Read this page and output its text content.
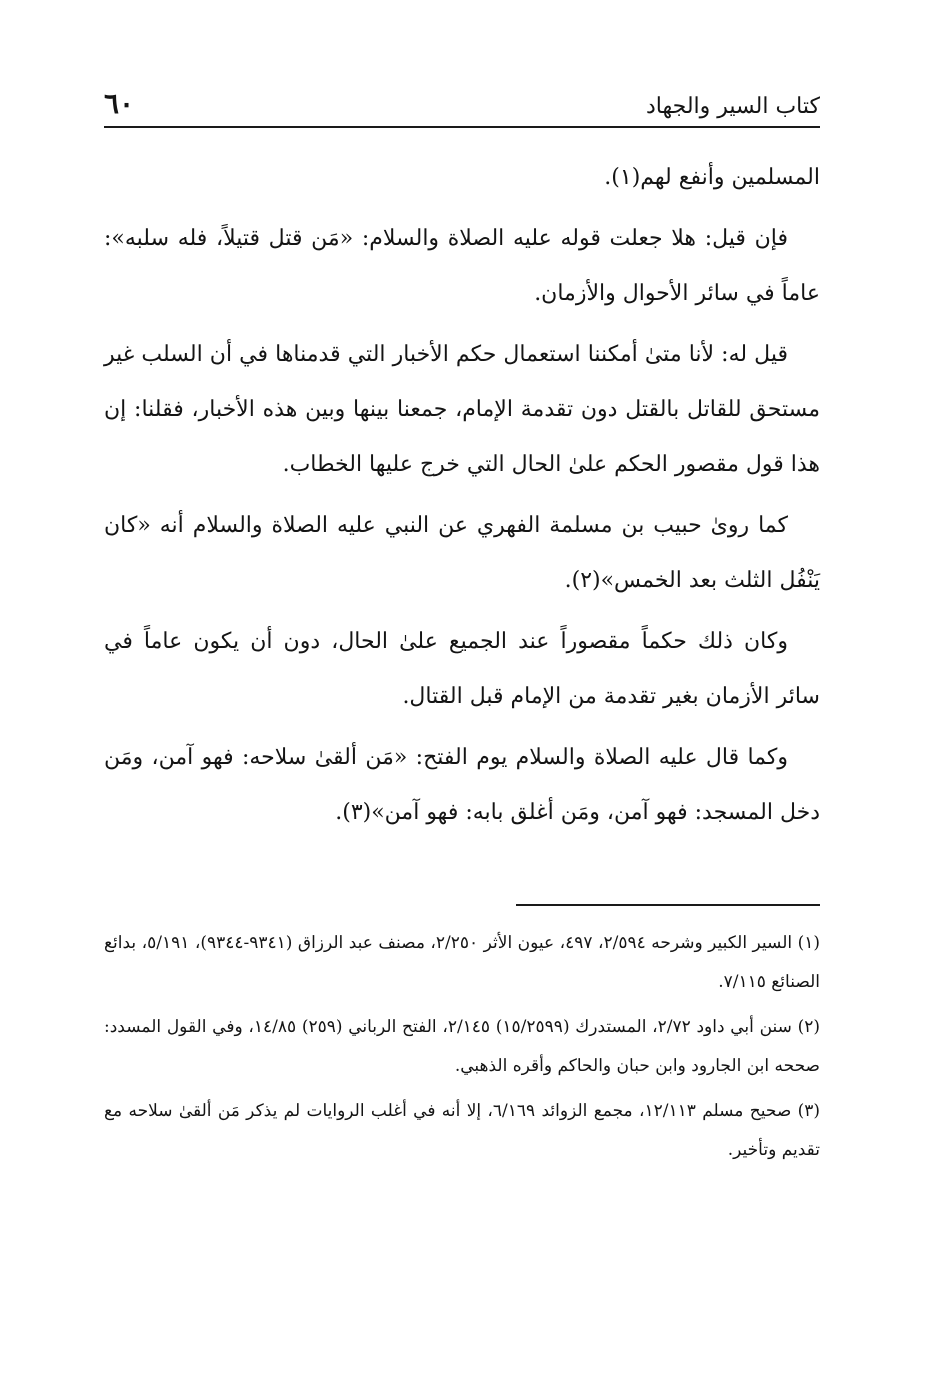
كتاب السير والجهاد
٦٠

المسلمين وأنفع لهم(١).

فإن قيل: هلا جعلت قوله عليه الصلاة والسلام: «مَن قتل قتيلاً، فله سلبه»: عاماً في سائر الأحوال والأزمان.

قيل له: لأنا متىٰ أمكننا استعمال حكم الأخبار التي قدمناها في أن السلب غير مستحق للقاتل بالقتل دون تقدمة الإمام، جمعنا بينها وبين هذه الأخبار، فقلنا: إن هذا قول مقصور الحكم علىٰ الحال التي خرج عليها الخطاب.

كما روىٰ حبيب بن مسلمة الفهري عن النبي عليه الصلاة والسلام أنه «كان يَنْفُل الثلث بعد الخمس»(٢).

وكان ذلك حكماً مقصوراً عند الجميع علىٰ الحال، دون أن يكون عاماً في سائر الأزمان بغير تقدمة من الإمام قبل القتال.

وكما قال عليه الصلاة والسلام يوم الفتح: «مَن ألقىٰ سلاحه: فهو آمن، ومَن دخل المسجد: فهو آمن، ومَن أغلق بابه: فهو آمن»(٣).

(١) السير الكبير وشرحه ٢/٥٩٤، ٤٩٧، عيون الأثر ٢/٢٥٠، مصنف عبد الرزاق (٩٣٤١-٩٣٤٤)، ٥/١٩١، بدائع الصنائع ٧/١١٥.

(٢) سنن أبي داود ٢/٧٢، المستدرك (١٥/٢٥٩٩) ٢/١٤٥، الفتح الرباني (٢٥٩) ١٤/٨٥، وفي القول المسدد: صححه ابن الجارود وابن حبان والحاكم وأقره الذهبي.

(٣) صحيح مسلم ١٢/١١٣، مجمع الزوائد ٦/١٦٩، إلا أنه في أغلب الروايات لم يذكر مَن ألقىٰ سلاحه مع تقديم وتأخير.
